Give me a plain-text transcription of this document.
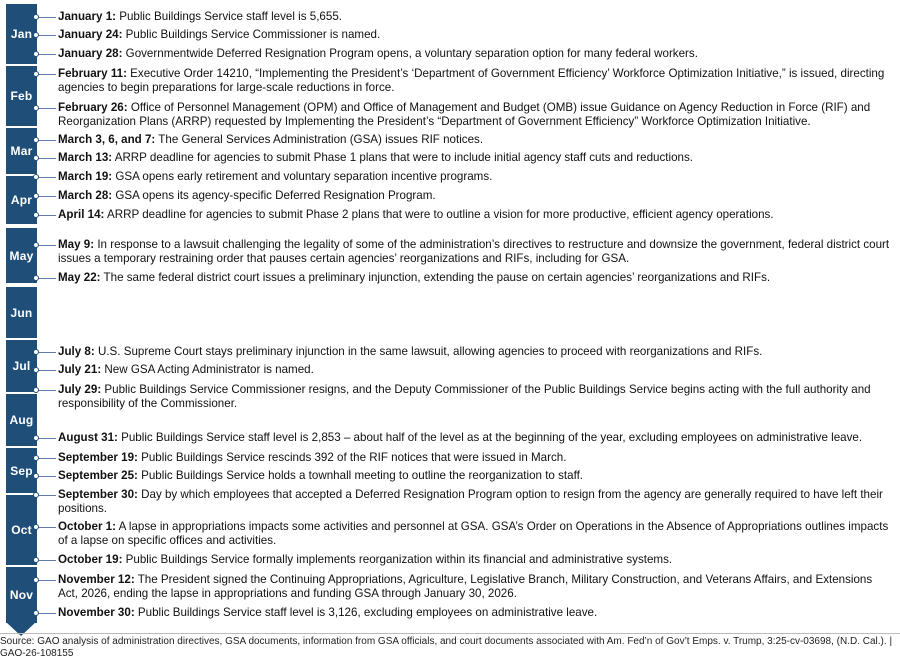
Jan
Feb
Mar
Apr
May
Jun
Jul
Aug
Sep
Oct
Nov
January 1: Public Buildings Service staff level is 5,655.
January 24: Public Buildings Service Commissioner is named.
January 28: Governmentwide Deferred Resignation Program opens, a voluntary separation option for many federal workers.
February 11: Executive Order 14210, “Implementing the President’s ‘Department of Government Efficiency’ Workforce Optimization Initiative,” is issued, directing agencies to begin preparations for large-scale reductions in force.
February 26: Office of Personnel Management (OPM) and Office of Management and Budget (OMB) issue Guidance on Agency Reduction in Force (RIF) and Reorganization Plans (ARRP) requested by Implementing the President’s “Department of Government Efficiency” Workforce Optimization Initiative.
March 3, 6, and 7: The General Services Administration (GSA) issues RIF notices.
March 13: ARRP deadline for agencies to submit Phase 1 plans that were to include initial agency staff cuts and reductions.
March 19: GSA opens early retirement and voluntary separation incentive programs.
March 28: GSA opens its agency-specific Deferred Resignation Program.
April 14: ARRP deadline for agencies to submit Phase 2 plans that were to outline a vision for more productive, efficient agency operations.
May 9: In response to a lawsuit challenging the legality of some of the administration’s directives to restructure and downsize the government, federal district court issues a temporary restraining order that pauses certain agencies’ reorganizations and RIFs, including for GSA.
May 22: The same federal district court issues a preliminary injunction, extending the pause on certain agencies’ reorganizations and RIFs.
July 8: U.S. Supreme Court stays preliminary injunction in the same lawsuit, allowing agencies to proceed with reorganizations and RIFs.
July 21: New GSA Acting Administrator is named.
July 29: Public Buildings Service Commissioner resigns, and the Deputy Commissioner of the Public Buildings Service begins acting with the full authority and responsibility of the Commissioner.
August 31: Public Buildings Service staff level is 2,853 – about half of the level as at the beginning of the year, excluding employees on administrative leave.
September 19: Public Buildings Service rescinds 392 of the RIF notices that were issued in March.
September 25: Public Buildings Service holds a townhall meeting to outline the reorganization to staff.
September 30: Day by which employees that accepted a Deferred Resignation Program option to resign from the agency are generally required to have left their positions.
October 1: A lapse in appropriations impacts some activities and personnel at GSA. GSA’s Order on Operations in the Absence of Appropriations outlines impacts of a lapse on specific offices and activities.
October 19: Public Buildings Service formally implements reorganization within its financial and administrative systems.
November 12: The President signed the Continuing Appropriations, Agriculture, Legislative Branch, Military Construction, and Veterans Affairs, and Extensions Act, 2026, ending the lapse in appropriations and funding GSA through January 30, 2026.
November 30: Public Buildings Service staff level is 3,126, excluding employees on administrative leave.
Source: GAO analysis of administration directives, GSA documents, information from GSA officials, and court documents associated with Am. Fed’n of Gov’t Emps. v. Trump, 3:25-cv-03698, (N.D. Cal.). | GAO-26-108155
